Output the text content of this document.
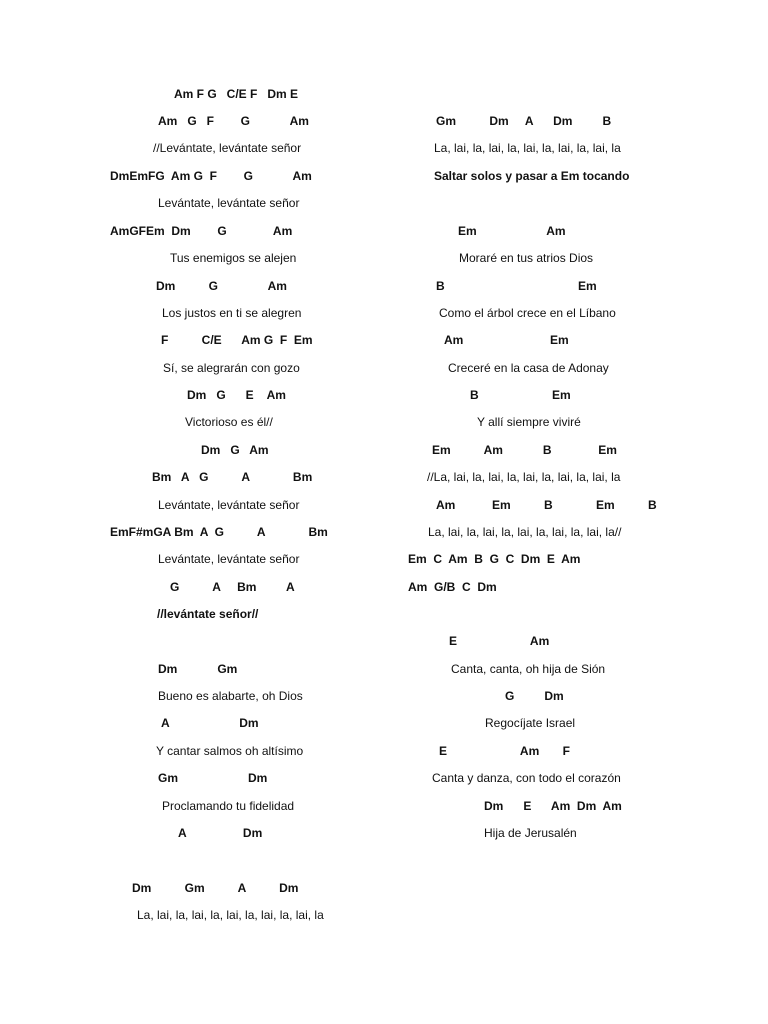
Am F G   C/E F   Dm E
Am   G   F        G            Am
//Levántate, levántate señor
DmEmFG  Am G  F        G            Am
Levántate, levántate señor
AmGFEm  Dm        G              Am
Tus enemigos se alejen
Dm          G               Am
Los justos en ti se alegren
F          C/E      Am G  F  Em
Sí, se alegrarán con gozo
Dm   G      E    Am
Victorioso es él//
Dm   G   Am
Bm   A   G          A             Bm
Levántate, levántate señor
EmF#mGA Bm  A  G          A             Bm
Levántate, levántate señor
G          A     Bm         A
//levántate señor//
Dm            Gm
Bueno es alabarte, oh Dios
A                     Dm
Y cantar salmos oh altísimo
Gm                     Dm
Proclamando tu fidelidad
A                 Dm
Dm          Gm          A          Dm
La, lai, la, lai, la, lai, la, lai, la, lai, la
Gm          Dm     A      Dm         B
La, lai, la, lai, la, lai, la, lai, la, lai, la
Saltar solos y pasar a Em tocando
Em                     Am
Moraré en tus atrios Dios
B                                        Em
Como el árbol crece en el Líbano
Am                          Em
Creceré en la casa de Adonay
B                      Em
Y allí siempre viviré
Em          Am            B              Em
//La, lai, la, lai, la, lai, la, lai, la, lai, la
Am           Em          B             Em          B
La, lai, la, lai, la, lai, la, lai, la, lai, la//
Em  C  Am  B  G  C  Dm  E  Am
Am  G/B  C  Dm
E                      Am
Canta, canta, oh hija de Sión
G         Dm
Regocíjate Israel
E                      Am       F
Canta y danza, con todo el corazón
Dm      E      Am  Dm  Am
Hija de Jerusalén
